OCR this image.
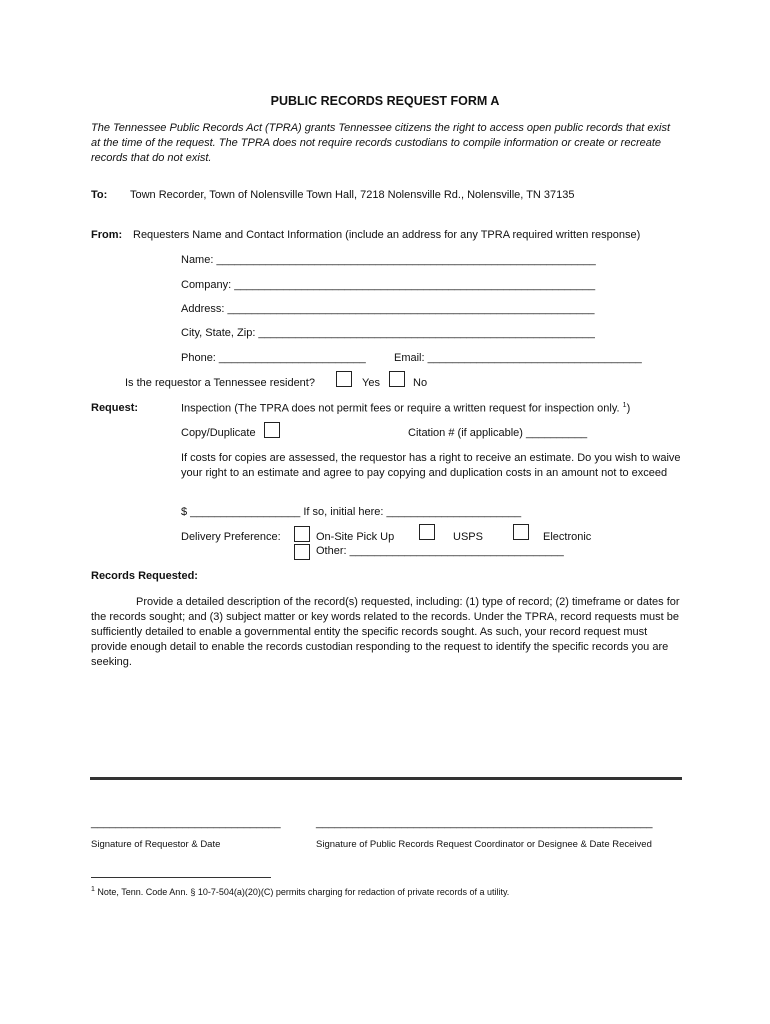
PUBLIC RECORDS REQUEST FORM A
The Tennessee Public Records Act (TPRA) grants Tennessee citizens the right to access open public records that exist at the time of the request. The TPRA does not require records custodians to compile information or create or recreate records that do not exist.
To: Town Recorder, Town of Nolensville Town Hall, 7218 Nolensville Rd., Nolensville, TN 37135
From: Requesters Name and Contact Information (include an address for any TPRA required written response)
Name: ______________________________________________________________
Company: ___________________________________________________________
Address: ____________________________________________________________
City, State, Zip: _______________________________________________________
Phone: ________________________	Email: ___________________________________
Is the requestor a Tennessee resident?	Yes	No
Request:	Inspection (The TPRA does not permit fees or require a written request for inspection only. $^1$)
Copy/Duplicate	Citation # (if applicable) __________
If costs for copies are assessed, the requestor has a right to receive an estimate. Do you wish to waive your right to an estimate and agree to pay copying and duplication costs in an amount not to exceed
$ __________________ If so, initial here: ______________________
Delivery Preference:	On-Site Pick Up	USPS	Electronic
Other: ___________________________________
Records Requested:
Provide a detailed description of the record(s) requested, including: (1) type of record; (2) timeframe or dates for the records sought; and (3) subject matter or key words related to the records. Under the TPRA, record requests must be sufficiently detailed to enable a governmental entity the specific records sought. As such, your record request must provide enough detail to enable the records custodian responding to the request to identify the specific records you are seeking.
_______________________________	_______________________________________________________
Signature of Requestor & Date	Signature of Public Records Request Coordinator or Designee & Date Received
$^1$ Note, Tenn. Code Ann. § 10-7-504(a)(20)(C) permits charging for redaction of private records of a utility.
